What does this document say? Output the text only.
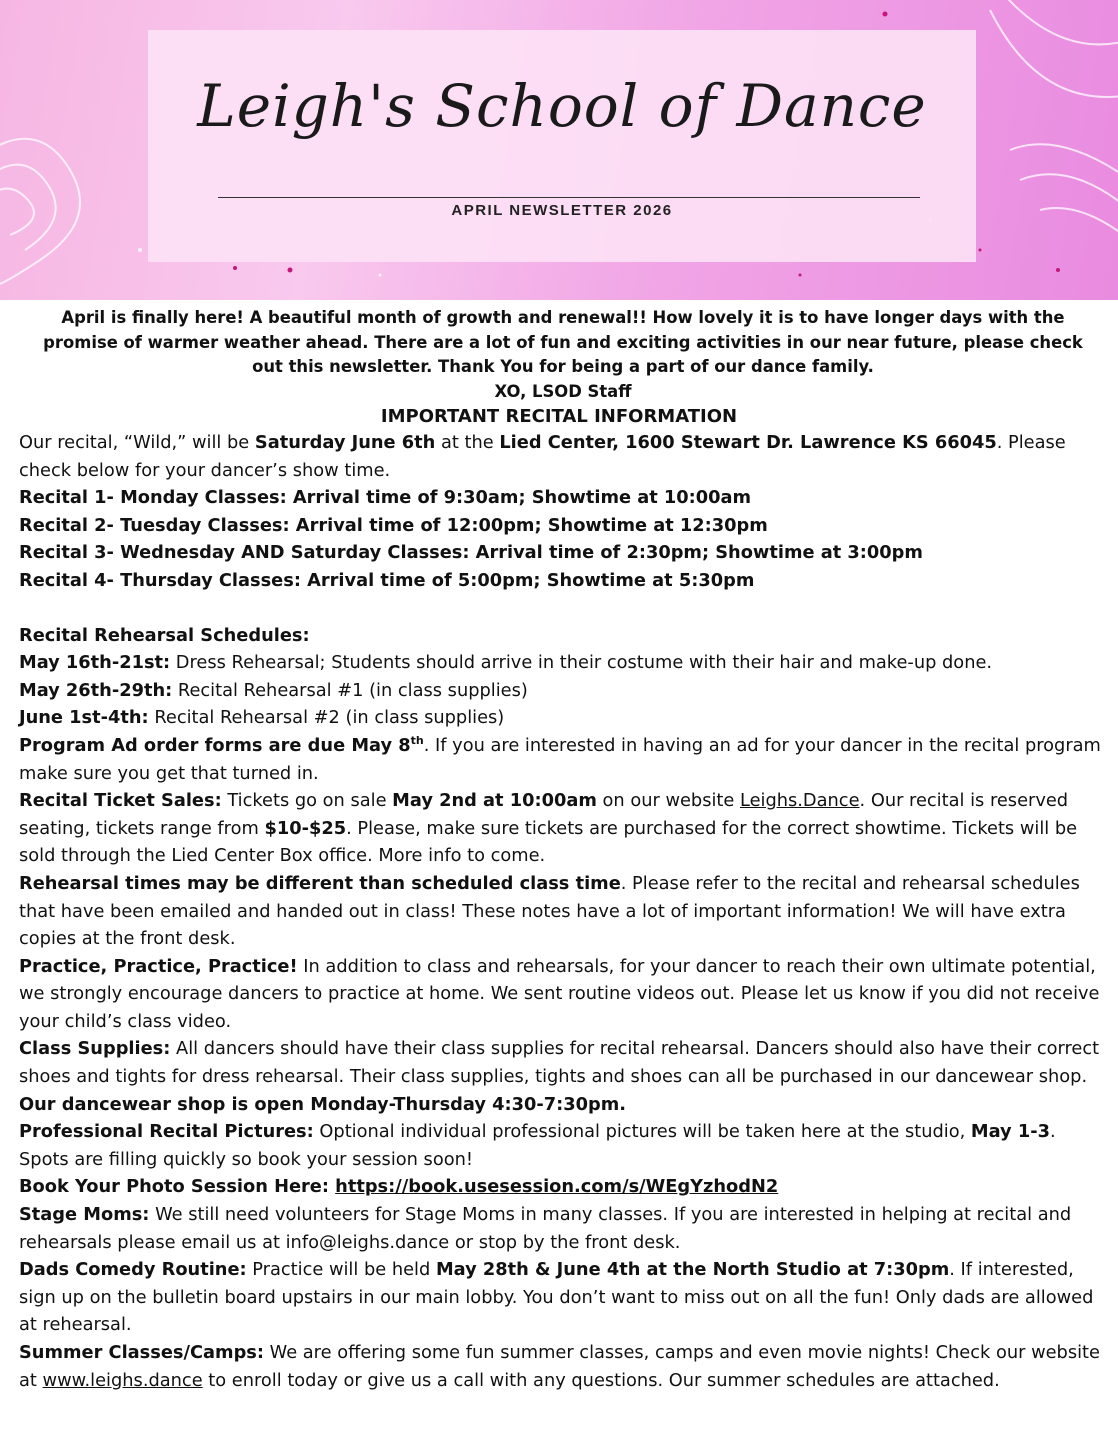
Leigh's School of Dance
APRIL NEWSLETTER 2026
April is finally here! A beautiful month of growth and renewal!! How lovely it is to have longer days with the promise of warmer weather ahead. There are a lot of fun and exciting activities in our near future, please check out this newsletter. Thank You for being a part of our dance family.
XO, LSOD Staff
IMPORTANT RECITAL INFORMATION

Our recital, “Wild,” will be Saturday June 6th at the Lied Center, 1600 Stewart Dr. Lawrence KS 66045. Please check below for your dancer’s show time.

Recital 1- Monday Classes: Arrival time of 9:30am; Showtime at 10:00am

Recital 2- Tuesday Classes: Arrival time of 12:00pm; Showtime at 12:30pm

Recital 3- Wednesday AND Saturday Classes: Arrival time of 2:30pm; Showtime at 3:00pm

Recital 4- Thursday Classes: Arrival time of 5:00pm; Showtime at 5:30pm

Recital Rehearsal Schedules:

May 16th-21st: Dress Rehearsal; Students should arrive in their costume with their hair and make-up done.

May 26th-29th: Recital Rehearsal #1 (in class supplies)

June 1st-4th: Recital Rehearsal #2 (in class supplies)

Program Ad order forms are due May 8th. If you are interested in having an ad for your dancer in the recital program make sure you get that turned in.

Recital Ticket Sales: Tickets go on sale May 2nd at 10:00am on our website Leighs.Dance. Our recital is reserved seating, tickets range from $10-$25. Please, make sure tickets are purchased for the correct showtime. Tickets will be sold through the Lied Center Box office. More info to come.

Rehearsal times may be different than scheduled class time. Please refer to the recital and rehearsal schedules that have been emailed and handed out in class! These notes have a lot of important information! We will have extra copies at the front desk.

Practice, Practice, Practice! In addition to class and rehearsals, for your dancer to reach their own ultimate potential, we strongly encourage dancers to practice at home. We sent routine videos out. Please let us know if you did not receive your child’s class video.

Class Supplies: All dancers should have their class supplies for recital rehearsal. Dancers should also have their correct shoes and tights for dress rehearsal. Their class supplies, tights and shoes can all be purchased in our dancewear shop. Our dancewear shop is open Monday-Thursday 4:30-7:30pm.

Professional Recital Pictures: Optional individual professional pictures will be taken here at the studio, May 1-3. Spots are filling quickly so book your session soon!

Book Your Photo Session Here: https://book.usesession.com/s/WEgYzhodN2

Stage Moms: We still need volunteers for Stage Moms in many classes. If you are interested in helping at recital and rehearsals please email us at info@leighs.dance or stop by the front desk.

Dads Comedy Routine: Practice will be held May 28th & June 4th at the North Studio at 7:30pm. If interested, sign up on the bulletin board upstairs in our main lobby. You don’t want to miss out on all the fun! Only dads are allowed at rehearsal.

Summer Classes/Camps: We are offering some fun summer classes, camps and even movie nights! Check our website at www.leighs.dance to enroll today or give us a call with any questions. Our summer schedules are attached.
